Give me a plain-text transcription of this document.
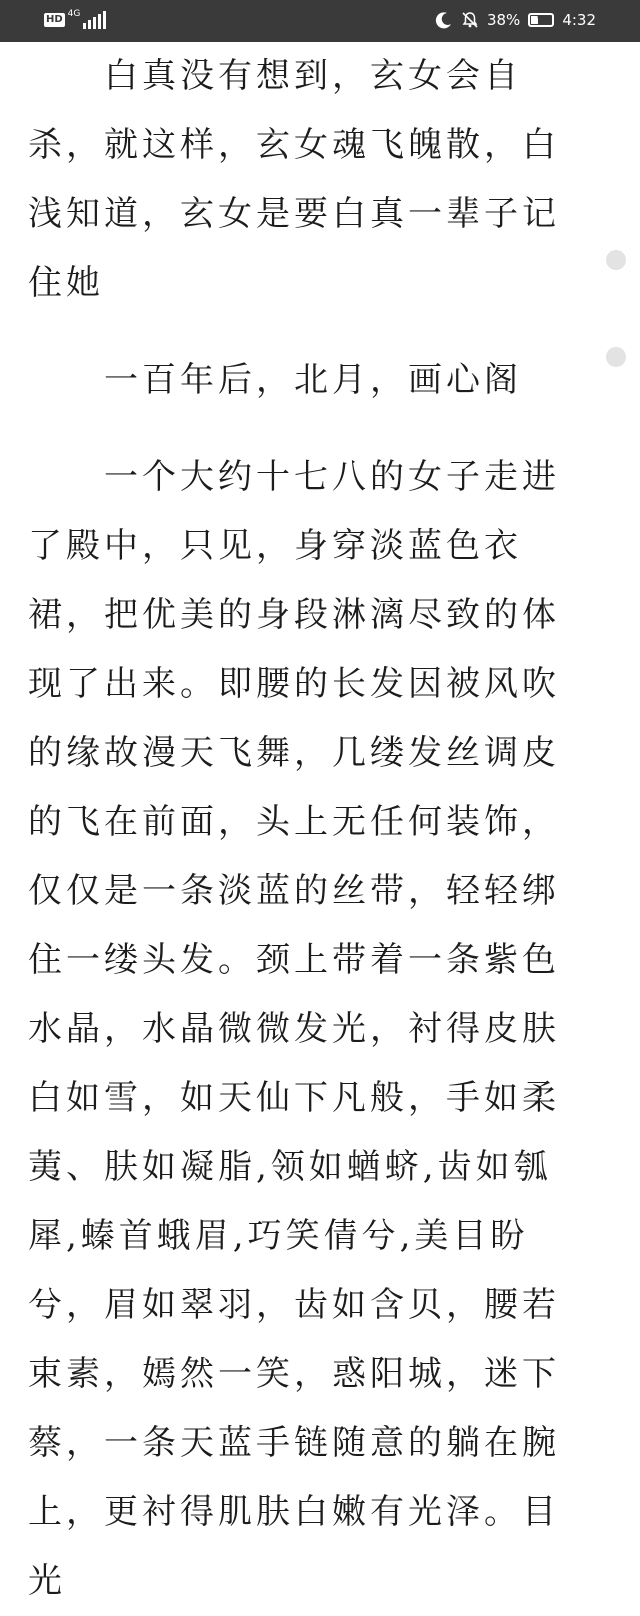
HD 4G	38% ❦ 4:32

白真没有想到，玄女会自杀，就这样，玄女魂飞魄散，白浅知道，玄女是要白真一辈子记住她

一百年后，北月，画心阁

一个大约十七八的女子走进了殿中，只见，身穿淡蓝色衣裙，把优美的身段淋漓尽致的体现了出来。即腰的长发因被风吹的缘故漫天飞舞，几缕发丝调皮的飞在前面，头上无任何装饰，仅仅是一条淡蓝的丝带，轻轻绑住一缕头发。颈上带着一条紫色水晶，水晶微微发光，衬得皮肤白如雪，如天仙下凡般，手如柔荑、肤如凝脂,领如蝤蛴,齿如瓠犀,螓首蛾眉,巧笑倩兮,美目盼兮，眉如翠羽，齿如含贝，腰若束素，嫣然一笑，惑阳城，迷下蔡，一条天蓝手链随意的躺在腕上，更衬得肌肤白嫩有光泽。目光
